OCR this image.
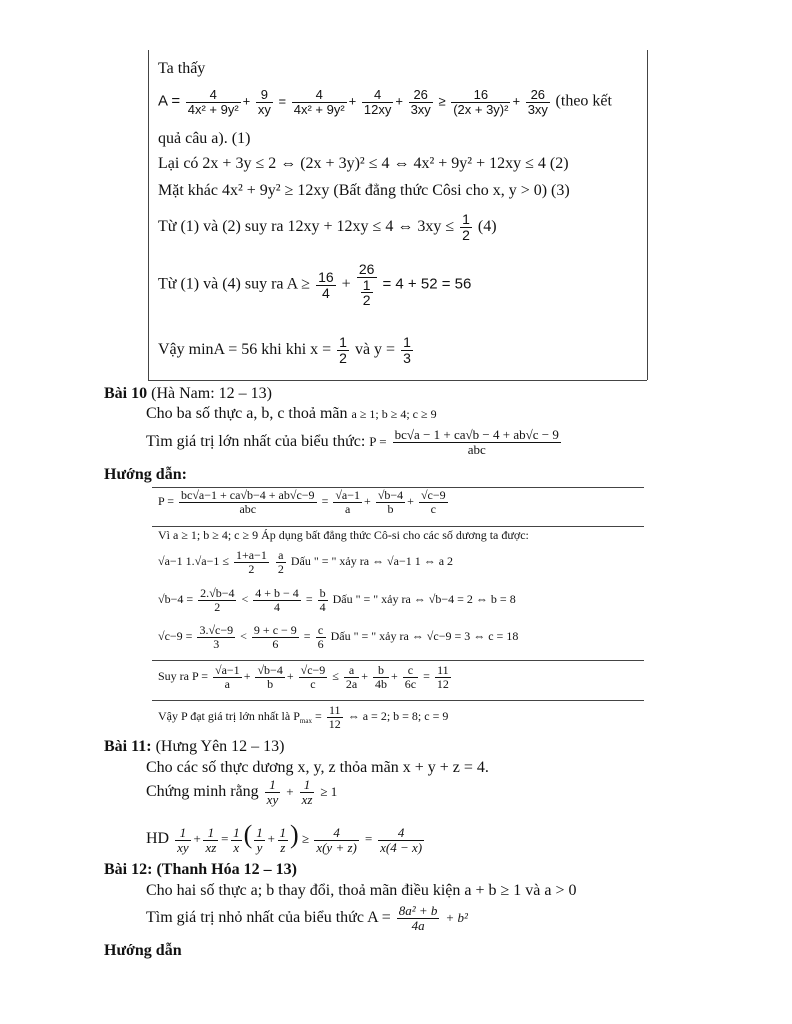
Ta thấy
$A = \frac{4}{\text{4x² + 9y²}} + \frac{9}{xy} = \frac{4}{\text{4x² + 9y²}} + \frac{4}{12xy} + \frac{26}{3xy} \ge \frac{16}{\text{(2x + 3y)²}} + \frac{26}{3xy}$ (theo kết
quả câu a). (1)
Lại có 2x + 3y ≤ 2 ⇔ (2x + 3y)² ≤ 4 ⇔ 4x² + 9y² + 12xy ≤ 4 (2)
Mặt khác 4x² + 9y² ≥ 12xy (Bất đẳng thức Côsi cho x, y > 0) (3)
Từ (1) và (2) suy ra 12xy + 12xy ≤ 4 ⇔ $3xy \le \frac{1}{2} (4)$
Từ (1) và (4) suy ra $A \ge \frac{16}{4} + \frac{26}{\frac{1}{2}} = 4 + 52 = 56$
Vậy minA = 56 khi khi $x = \frac{1}{2}$ và $y = \frac{1}{3}$
Bài 10 (Hà Nam: 12 – 13)
Cho ba số thực a, b, c thoả mãn a ≥ 1; b ≥ 4; c ≥ 9
Tìm giá trị lớn nhất của biểu thức: $P = \frac{bc√a - 1 + ca√b - 4 + ab√c - 9}{\text{abc}}$
Hướng dẫn:
$P = \frac{bc√a-1 + ca√b-4 + ab√c-9}{\text{abc}} = \frac{√a-1}{a} + \frac{√b-4}{b} + \frac{√c-9}{c}$
Vì a ≥ 1; b ≥ 4; c ≥ 9 Áp dụng bất đẳng thức Cô-si cho các số dương ta được:
√a−1 $1.√a-1 \le \frac{1+a-1}{2}$
$\frac{a}{2}$ Dấu " = " xảy ra ⇔ √a−1 1 ⇔ a 2
$√b-4 = \frac{2.√b-4}{2} < \frac{4 + b - 4}{4} = \frac{b}{4}$ Dấu " = " xảy ra ⇔ √b−4 = 2 ⇔ b = 8
$√c-9 = \frac{3.√c-9}{3} < \frac{9 + c - 9}{6} = \frac{c}{6}$ Dấu " = " xảy ra ⇔ √c−9 = 3 ⇔ c = 18
Suy ra $P = \frac{√a-1}{a} + \frac{√b-4}{b} + \frac{√c-9}{c} \le \frac{a}{2a} + \frac{b}{4b} + \frac{c}{6c} = \frac{11}{12}$
Vậy P đạt giá trị lớn nhất là $P_{max} = \frac{11}{12}$ ⇔ a = 2; b = 8; c = 9
Bài 11: (Hưng Yên 12 – 13)
Cho các số thực dương x, y, z thỏa mãn x + y + z = 4.
Chứng minh rằng $\frac{1}{xy} + \frac{1}{xz} \ge 1$
HD $\frac{1}{xy} + \frac{1}{xz} = \frac{1}{x}$ ( $\frac{1}{y} + \frac{1}{z}$ ) ≥ $\frac{4}{x(y + z)} = \frac{4}{x(4 - x)}$
Bài 12: (Thanh Hóa 12 – 13)
Cho hai số thực a; b thay đổi, thoả mãn điều kiện a + b ≥ 1 và a > 0
Tìm giá trị nhỏ nhất của biểu thức $A = \frac{\text{8a² + b}}{4a} + b^2$
Hướng dẫn
